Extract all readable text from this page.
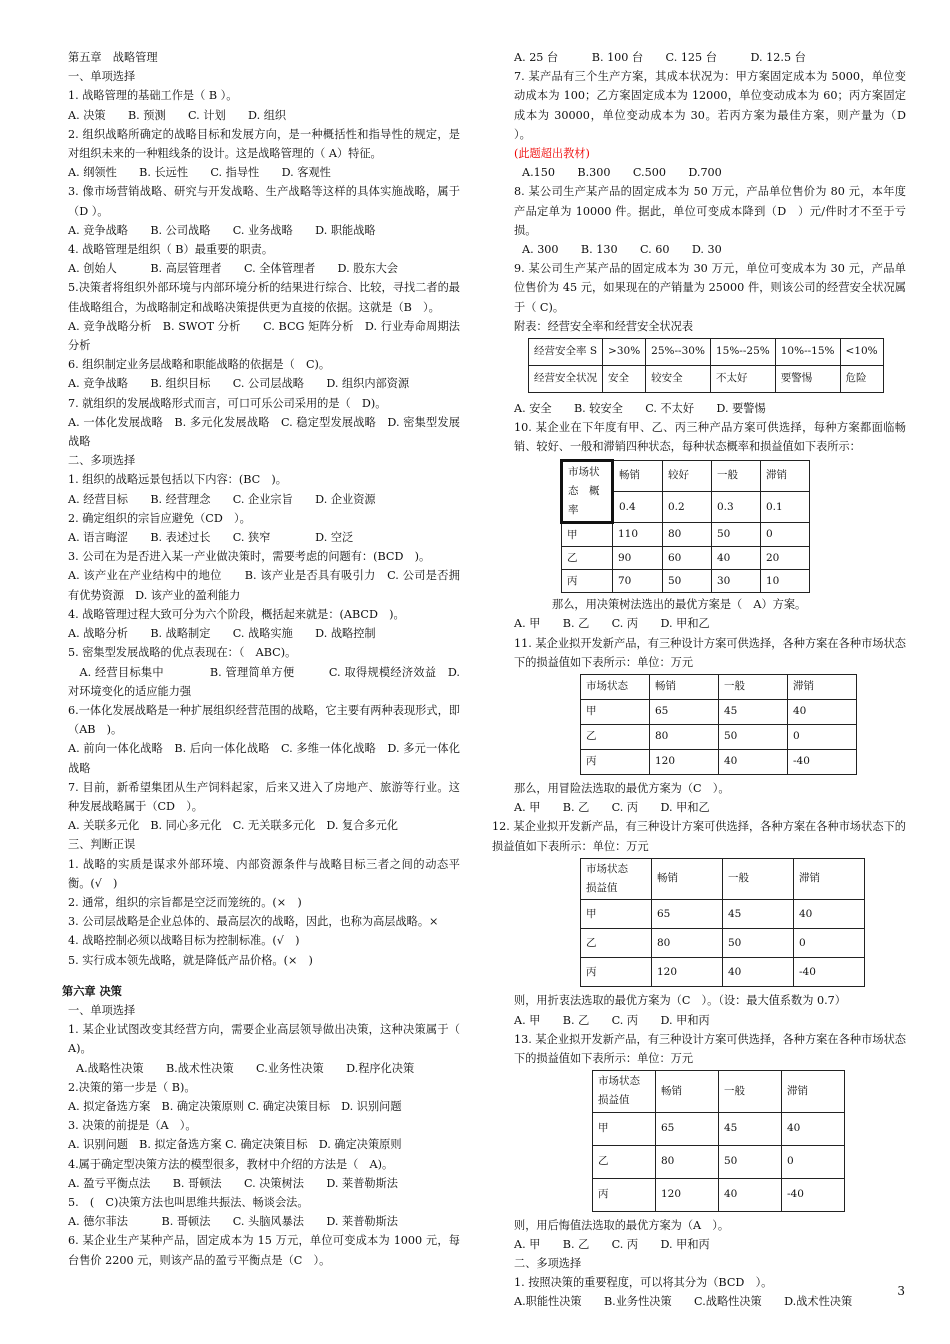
第五章　战略管理
一、单项选择
1. 战略管理的基础工作是（ B ）。
A. 决策　　B. 预测　　C. 计划　　D. 组织
2. 组织战略所确定的战略目标和发展方向，是一种概括性和指导性的规定，是对组织未来的一种粗线条的设计。这是战略管理的（ A）特征。
A. 纲领性　　B. 长远性　　C. 指导性　　D. 客观性
3. 像市场营销战略、研究与开发战略、生产战略等这样的具体实施战略，属于（D ）。
A. 竞争战略　　B. 公司战略　　C. 业务战略　　D. 职能战略
4. 战略管理是组织（ B）最重要的职责。
A. 创始人　　　B. 高层管理者　　C. 全体管理者　　D. 股东大会
5.决策者将组织外部环境与内部环境分析的结果进行综合、比较，寻找二者的最佳战略组合，为战略制定和战略决策提供更为直接的依据。这就是（B　）。
A. 竞争战略分析　B. SWOT 分析　　C. BCG 矩阵分析　D. 行业寿命周期法分析
6. 组织制定业务层战略和职能战略的依据是（　C)。
A. 竞争战略　　B. 组织目标　　C. 公司层战略　　D. 组织内部资源
7. 就组织的发展战略形式而言，可口可乐公司采用的是（　D)。
A. 一体化发展战略　B. 多元化发展战略　C. 稳定型发展战略　D. 密集型发展战略
二、多项选择
1. 组织的战略远景包括以下内容：(BC　)。
A. 经营目标　　B. 经营理念　　C. 企业宗旨　　D. 企业资源
2. 确定组织的宗旨应避免（CD　）。
A. 语言晦涩　　B. 表述过长　　C. 狭窄　　　　D. 空泛
3. 公司在为是否进入某一产业做决策时，需要考虑的问题有：(BCD　)。
A. 该产业在产业结构中的地位　　B. 该产业是否具有吸引力　C. 公司是否拥有优势资源　D. 该产业的盈利能力
4. 战略管理过程大致可分为六个阶段，概括起来就是：(ABCD　)。
A. 战略分析　　B. 战略制定　　C. 战略实施　　D. 战略控制
5. 密集型发展战略的优点表现在：（　ABC)。
　A. 经营目标集中　　　　B. 管理简单方便　　　C. 取得规模经济效益　D. 对环境变化的适应能力强
6.一体化发展战略是一种扩展组织经营范围的战略，它主要有两种表现形式，即（AB　)。
A. 前向一体化战略　B. 后向一体化战略　C. 多维一体化战略　D. 多元一体化战略
7. 目前，新希望集团从生产饲料起家，后来又进入了房地产、旅游等行业。这种发展战略属于（CD　）。
A. 关联多元化　B. 同心多元化　C. 无关联多元化　D. 复合多元化
三、判断正误
1. 战略的实质是谋求外部环境、内部资源条件与战略目标三者之间的动态平衡。(√　)
2. 通常，组织的宗旨都是空泛而笼统的。(×　)
3. 公司层战略是企业总体的、最高层次的战略，因此，也称为高层战略。×
4. 战略控制必须以战略目标为控制标准。(√　)
5. 实行成本领先战略，就是降低产品价格。(×　)
第六章 决策
一、单项选择
1. 某企业试图改变其经营方向，需要企业高层领导做出决策，这种决策属于（ A)。
A.战略性决策　　B.战术性决策　　C.业务性决策　　D.程序化决策
2.决策的第一步是（ B)。
A. 拟定备选方案　B. 确定决策原则 C. 确定决策目标　D. 识别问题
3. 决策的前提是（A　）。
A. 识别问题　B. 拟定备选方案 C. 确定决策目标　D. 确定决策原则
4.属于确定型决策方法的模型很多，教材中介绍的方法是（　A)。
A. 盈亏平衡点法　　B. 哥顿法　　C. 决策树法　　D. 莱普勒斯法
5.　(　C)决策方法也叫思维共振法、畅谈会法。
A. 德尔菲法　　　B. 哥顿法　　C. 头脑风暴法　　D. 莱普勒斯法
6. 某企业生产某种产品，固定成本为 15 万元，单位可变成本为 1000 元，每台售价 2200 元，则该产品的盈亏平衡点是（C　）。
A. 25 台　　　B. 100 台　　C. 125 台　　　D. 12.5 台
7. 某产品有三个生产方案，其成本状况为：甲方案固定成本为 5000，单位变动成本为 100；乙方案固定成本为 12000，单位变动成本为 60；丙方案固定成本为 30000，单位变动成本为 30。若丙方案为最佳方案，则产量为（D　）。
(此题超出教材)
A.150　　B.300　　C.500　　D.700
8. 某公司生产某产品的固定成本为 50 万元，产品单位售价为 80 元，本年度产品定单为 10000 件。据此，单位可变成本降到（D　）元/件时才不至于亏损。
A. 300　　B. 130　　C. 60　　D. 30
9. 某公司生产某产品的固定成本为 30 万元，单位可变成本为 30 元，产品单位售价为 45 元，如果现在的产销量为 25000 件，则该公司的经营安全状况属于（ C)。
附表：经营安全率和经营安全状况表
经营安全率 S	>30%	25%--30%	15%--25%	10%--15%	<10%
经营安全状况	安全	较安全	不太好	要警惕	危险
A. 安全　　B. 较安全　　C. 不太好　　D. 要警惕
10. 某企业在下年度有甲、乙、丙三种产品方案可供选择，每种方案都面临畅销、较好、一般和滞销四种状态，每种状态概率和损益值如下表所示：
市场状态　概率	畅销	较好	一般	滞销
	0.4	0.2	0.3	0.1
甲	110	80	50	0
乙	90	60	40	20
丙	70	50	30	10
那么，用决策树法选出的最优方案是（　A）方案。
A. 甲　　B. 乙　　C. 丙　　D. 甲和乙
11. 某企业拟开发新产品，有三种设计方案可供选择，各种方案在各种市场状态下的损益值如下表所示：单位：万元
市场状态	畅销	一般	滞销
甲	65	45	40
乙	80	50	0
丙	120	40	-40
那么，用冒险法选取的最优方案为（C　）。
A. 甲　　B. 乙　　C. 丙　　D. 甲和乙
12. 某企业拟开发新产品，有三种设计方案可供选择，各种方案在各种市场状态下的损益值如下表所示：单位：万元
市场状态　损益值	畅销	一般	滞销
甲	65	45	40
乙	80	50	0
丙	120	40	-40
则，用折衷法选取的最优方案为（C　）。（设：最大值系数为 0.7）
A. 甲　　B. 乙　　C. 丙　　D. 甲和丙
13. 某企业拟开发新产品，有三种设计方案可供选择，各种方案在各种市场状态下的损益值如下表所示：单位：万元
市场状态　损益值	畅销	一般	滞销
甲	65	45	40
乙	80	50	0
丙	120	40	-40
则，用后悔值法选取的最优方案为（A　）。
A. 甲　　B. 乙　　C. 丙　　D. 甲和丙
二、多项选择
1. 按照决策的重要程度，可以将其分为（BCD　）。
A.职能性决策　　B.业务性决策　　C.战略性决策　　D.战术性决策
3
